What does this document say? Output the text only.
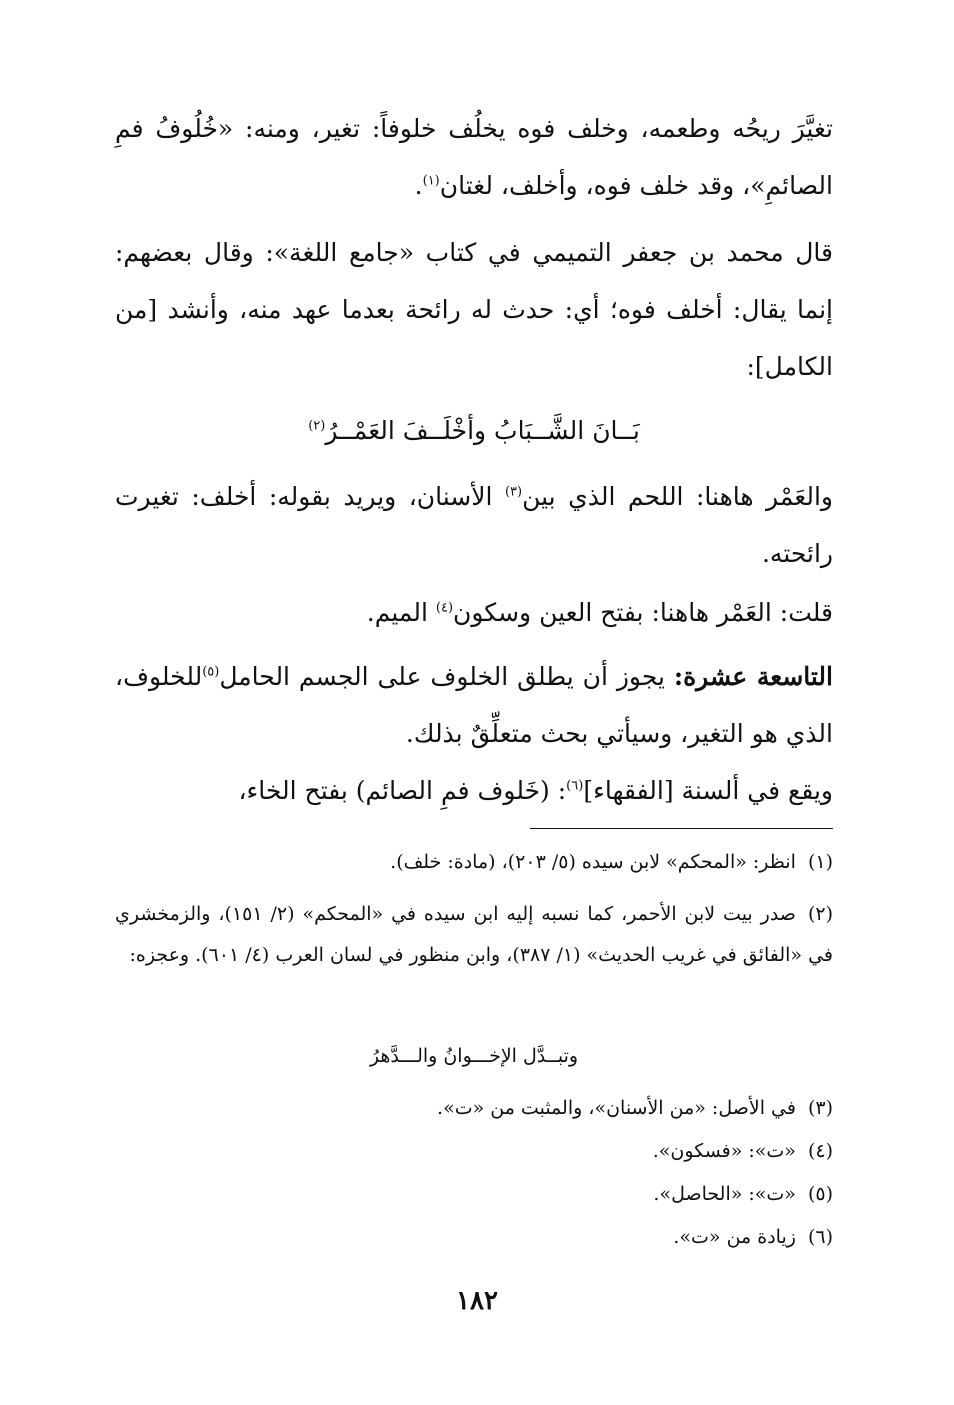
تغيَّرَ ريحُه وطعمه، وخلف فوه يخلُف خلوفاً: تغير، ومنه: «خُلُوفُ فمِ الصائمِ»، وقد خلف فوه، وأخلف، لغتان$^{(١)}$.

قال محمد بن جعفر التميمي في كتاب «جامع اللغة»: وقال بعضهم: إنما يقال: أخلف فوه؛ أي: حدث له رائحة بعدما عهد منه، وأنشد [من الكامل]:

بَــانَ الشَّــبَابُ وأخْلَــفَ العَمْــرُ$^{(٢)}$

والعَمْر هاهنا: اللحم الذي بين$^{(٣)}$ الأسنان، ويريد بقوله: أخلف: تغيرت رائحته.

قلت: العَمْر هاهنا: بفتح العين وسكون$^{(٤)}$ الميم.

التاسعة عشرة: يجوز أن يطلق الخلوف على الجسم الحامل$^{(٥)}$للخلوف، الذي هو التغير، وسيأتي بحث متعلِّقٌ بذلك.

ويقع في ألسنة [الفقهاء]$^{(٦)}$: (خَلوف فمِ الصائم) بفتح الخاء،

(١)انظر: «المحكم» لابن سيده (٥/ ٢٠٣)، (مادة: خلف).
(٢)صدر بيت لابن الأحمر، كما نسبه إليه ابن سيده في «المحكم» (٢/ ١٥١)، والزمخشري في «الفائق في غريب الحديث» (١/ ٣٨٧)، وابن منظور في لسان العرب (٤/ ٦٠١). وعجزه:
وتبــدَّل الإخـــوانُ والـــدَّهرُ
(٣)في الأصل: «من الأسنان»، والمثبت من «ت».
(٤)«ت»: «فسكون».
(٥)«ت»: «الحاصل».
(٦)زيادة من «ت».
١٨٢
